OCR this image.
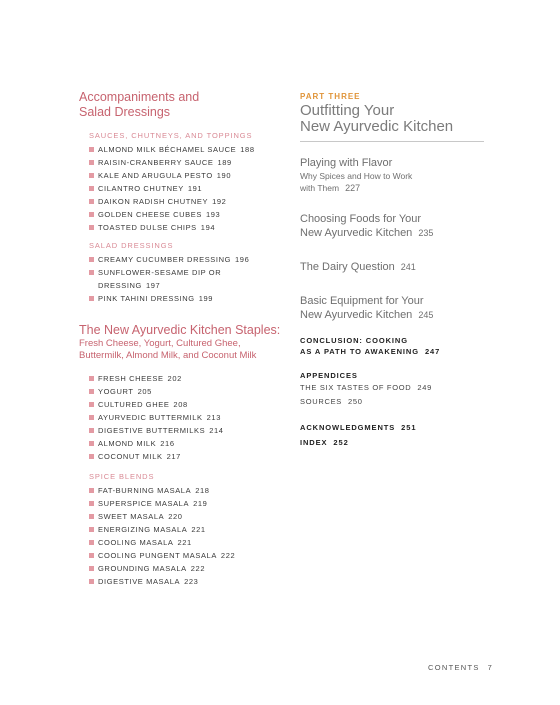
Accompaniments and
Salad Dressings
SAUCES, CHUTNEYS, AND TOPPINGS
ALMOND MILK BÉCHAMEL SAUCE 188
RAISIN-CRANBERRY SAUCE 189
KALE AND ARUGULA PESTO 190
CILANTRO CHUTNEY 191
DAIKON RADISH CHUTNEY 192
GOLDEN CHEESE CUBES 193
TOASTED DULSE CHIPS 194
SALAD DRESSINGS
CREAMY CUCUMBER DRESSING 196
SUNFLOWER-SESAME DIP OR
DRESSING 197
PINK TAHINI DRESSING 199
The New Ayurvedic Kitchen Staples:
Fresh Cheese, Yogurt, Cultured Ghee,
Buttermilk, Almond Milk, and Coconut Milk
FRESH CHEESE 202
YOGURT 205
CULTURED GHEE 208
AYURVEDIC BUTTERMILK 213
DIGESTIVE BUTTERMILKS 214
ALMOND MILK 216
COCONUT MILK 217
SPICE BLENDS
FAT-BURNING MASALA 218
SUPERSPICE MASALA 219
SWEET MASALA 220
ENERGIZING MASALA 221
COOLING MASALA 221
COOLING PUNGENT MASALA 222
GROUNDING MASALA 222
DIGESTIVE MASALA 223
PART THREE
Outfitting Your
New Ayurvedic Kitchen
Playing with Flavor
Why Spices and How to Work
with Them 227
Choosing Foods for Your
New Ayurvedic Kitchen 235
The Dairy Question 241
Basic Equipment for Your
New Ayurvedic Kitchen 245
CONCLUSION: COOKING
AS A PATH TO AWAKENING 247
APPENDICES
THE SIX TASTES OF FOOD 249
SOURCES 250
ACKNOWLEDGMENTS 251
INDEX 252
CONTENTS 7
